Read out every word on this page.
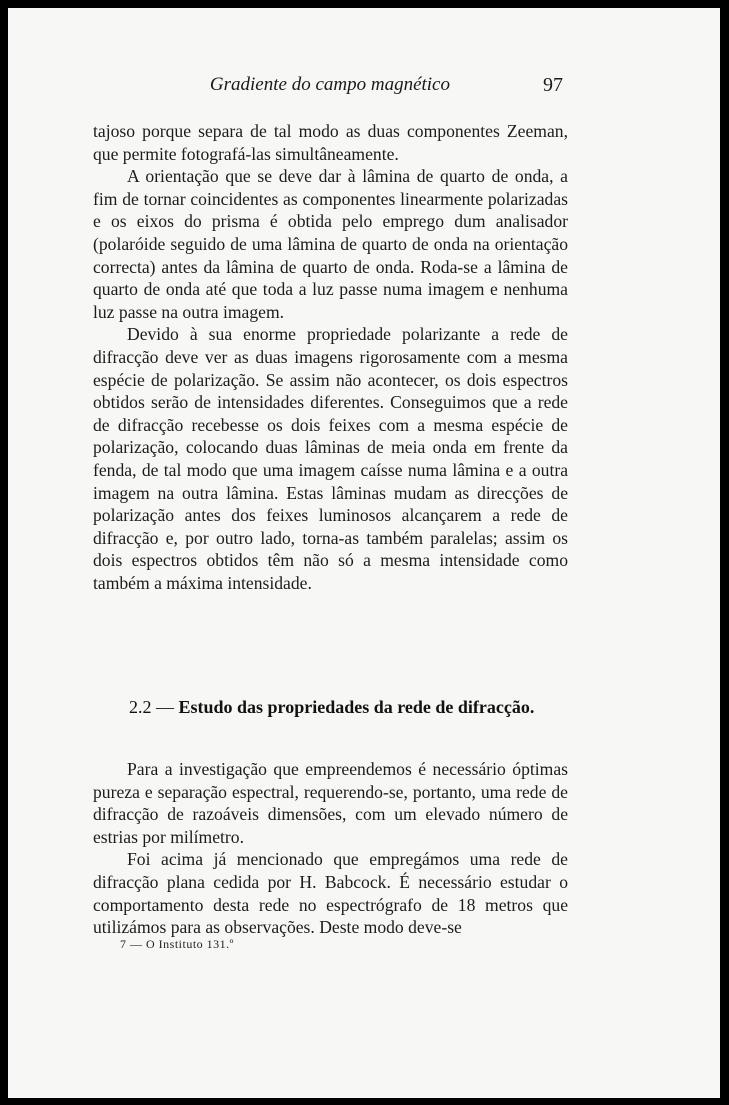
Gradiente do campo magnético	97

tajoso porque separa de tal modo as duas componentes Zeeman, que permite fotografá-las simultâneamente.

A orientação que se deve dar à lâmina de quarto de onda, a fim de tornar coincidentes as componentes linearmente polarizadas e os eixos do prisma é obtida pelo emprego dum analisador (polaróide seguido de uma lâmina de quarto de onda na orientação correcta) antes da lâmina de quarto de onda. Roda-se a lâmina de quarto de onda até que toda a luz passe numa imagem e nenhuma luz passe na outra imagem.

Devido à sua enorme propriedade polarizante a rede de difracção deve ver as duas imagens rigorosamente com a mesma espécie de polarização. Se assim não acontecer, os dois espectros obtidos serão de intensidades diferentes. Conseguimos que a rede de difracção recebesse os dois feixes com a mesma espécie de polarização, colocando duas lâminas de meia onda em frente da fenda, de tal modo que uma imagem caísse numa lâmina e a outra imagem na outra lâmina. Estas lâminas mudam as direcções de polarização antes dos feixes luminosos alcançarem a rede de difracção e, por outro lado, torna-as também paralelas; assim os dois espectros obtidos têm não só a mesma intensidade como também a máxima intensidade.

2.2 — Estudo das propriedades da rede de difracção.

Para a investigação que empreendemos é necessário óptimas pureza e separação espectral, requerendo-se, portanto, uma rede de difracção de razoáveis dimensões, com um elevado número de estrias por milímetro.

Foi acima já mencionado que empregámos uma rede de difracção plana cedida por H. Babcock. É necessário estudar o comportamento desta rede no espectrógrafo de 18 metros que utilizámos para as observações. Deste modo deve-se

7 — O Instituto 131.º
